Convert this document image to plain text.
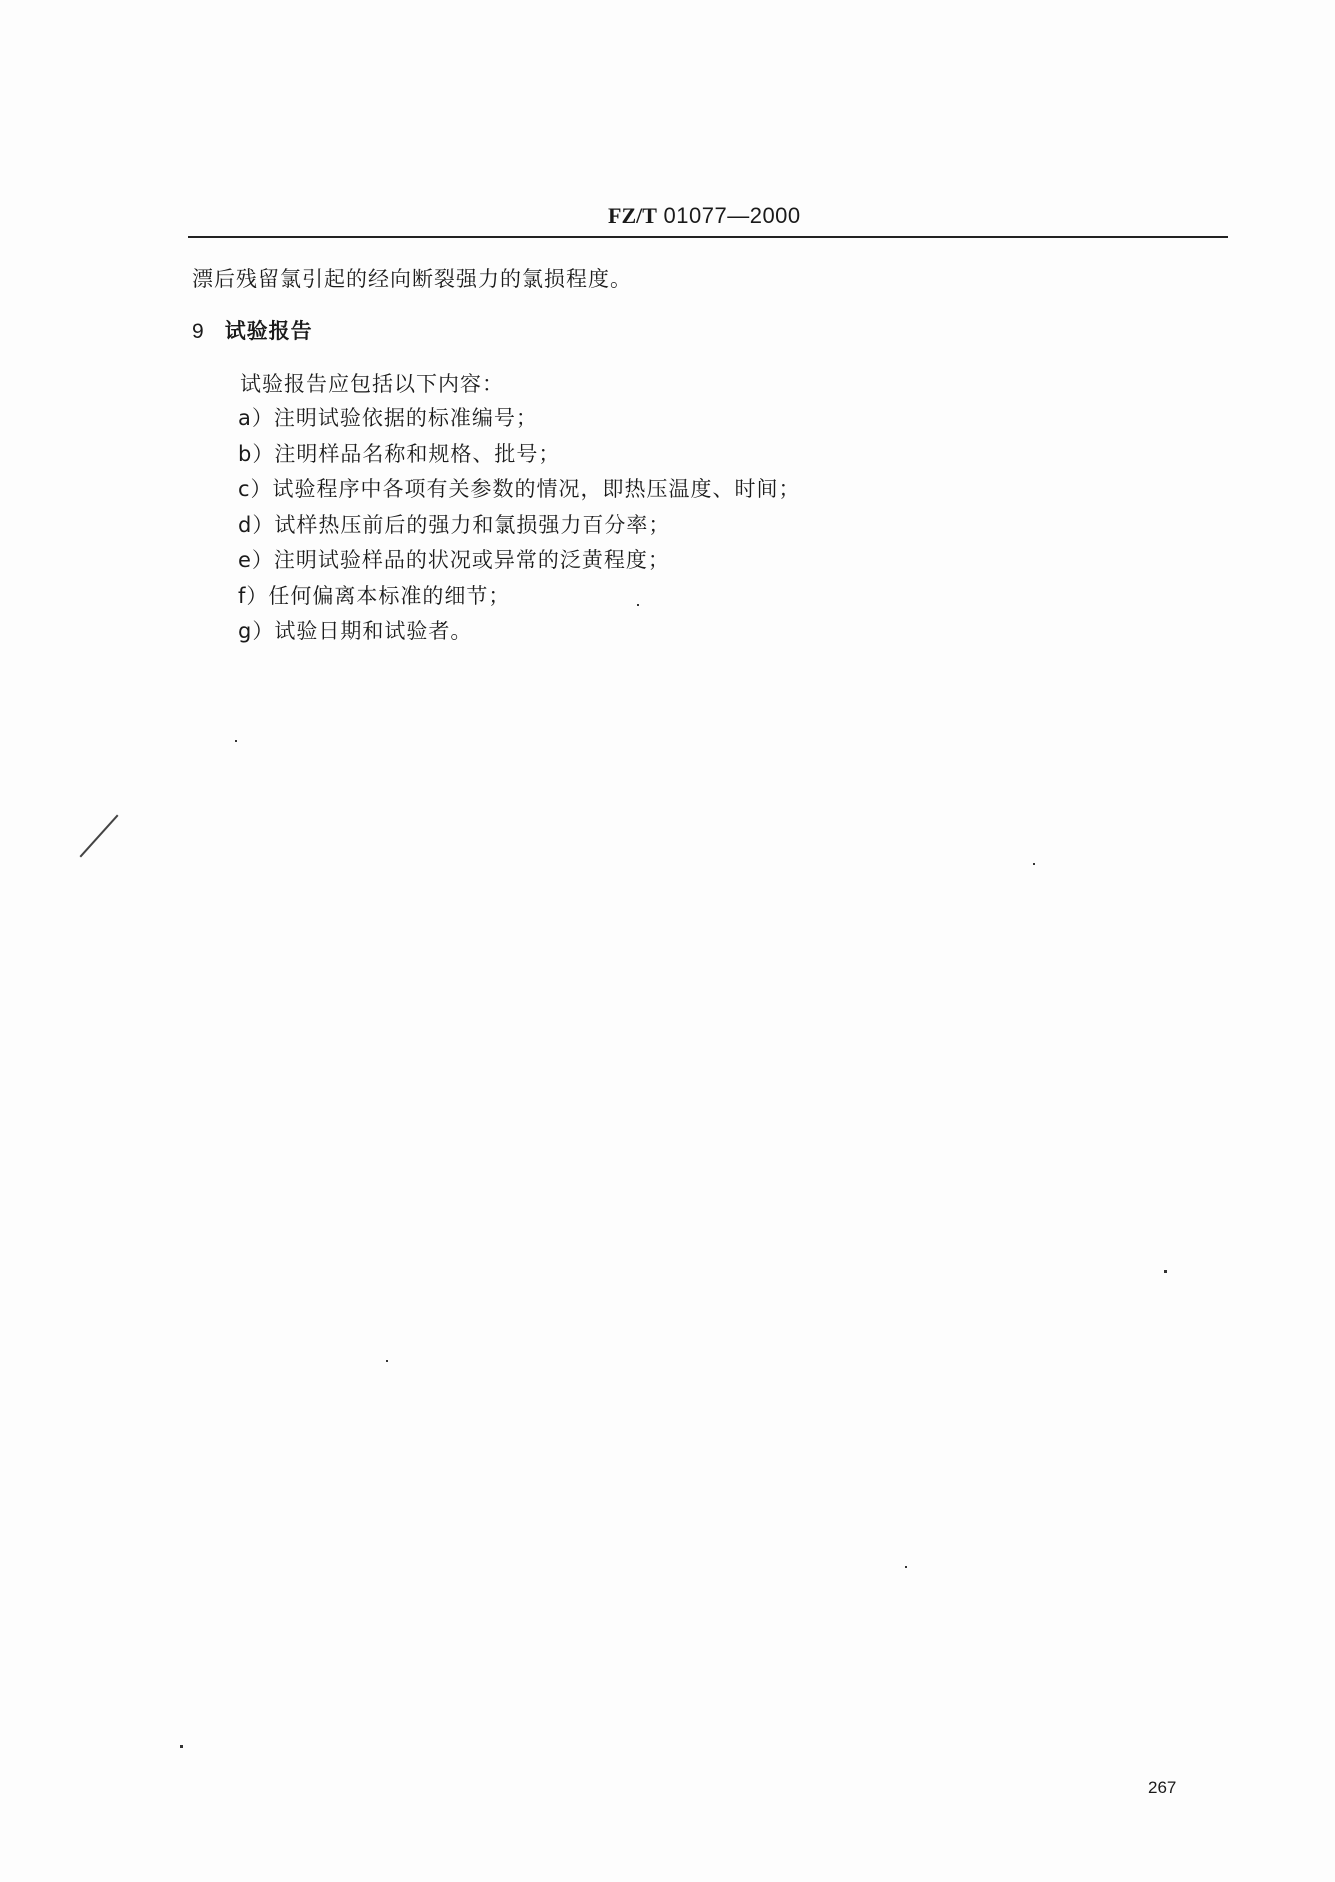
FZ/T 01077—2000
漂后残留氯引起的经向断裂强力的氯损程度。
9 试验报告
试验报告应包括以下内容：
a）注明试验依据的标准编号；
b）注明样品名称和规格、批号；
c）试验程序中各项有关参数的情况，即热压温度、时间；
d）试样热压前后的强力和氯损强力百分率；
e）注明试验样品的状况或异常的泛黄程度；
f）任何偏离本标准的细节；
g）试验日期和试验者。
267
